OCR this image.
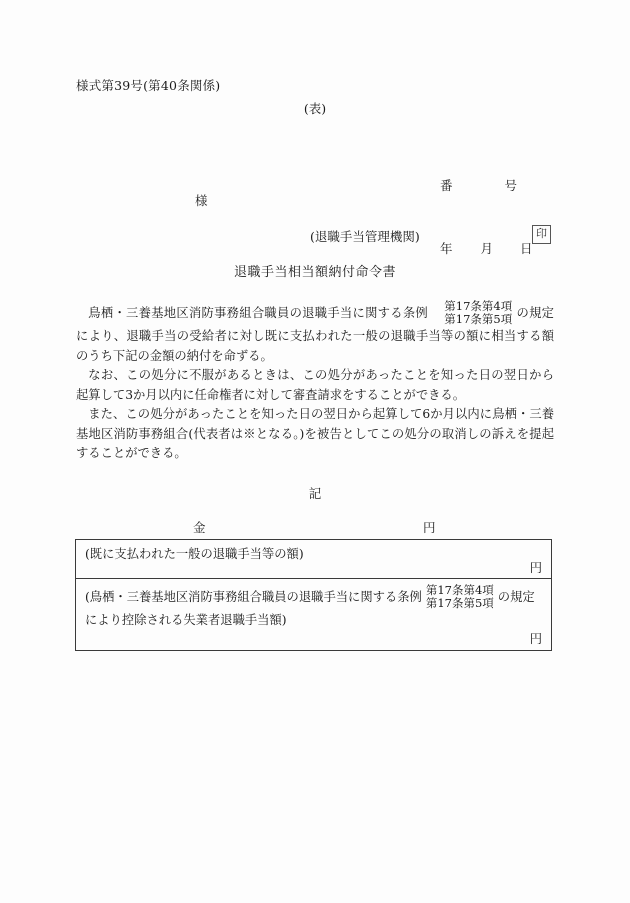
様式第39号(第40条関係)
(表)

番	号

年 月 日

様
(退職手当管理機関)	印
退職手当相当額納付命令書

鳥栖・三養基地区消防事務組合職員の退職手当に関する条例
第17条第4項
第17条第5項 の規定により、退職手当の受給者に対し既に支払われた一般の退職手当等の額に相当する額のうち下記の金額の納付を命ずる。

なお、この処分に不服があるときは、この処分があったことを知った日の翌日から起算して3か月以内に任命権者に対して審査請求をすることができる。

また、この処分があったことを知った日の翌日から起算して6か月以内に鳥栖・三養基地区消防事務組合(代表者は※となる。)を被告としてこの処分の取消しの訴えを提起することができる。

記
金	円
(既に支払われた一般の退職手当等の額)
円
(鳥栖・三養基地区消防事務組合職員の退職手当に関する条例
第17条第4項
第17条第5項 の規定により控除される失業者退職手当額)
円
